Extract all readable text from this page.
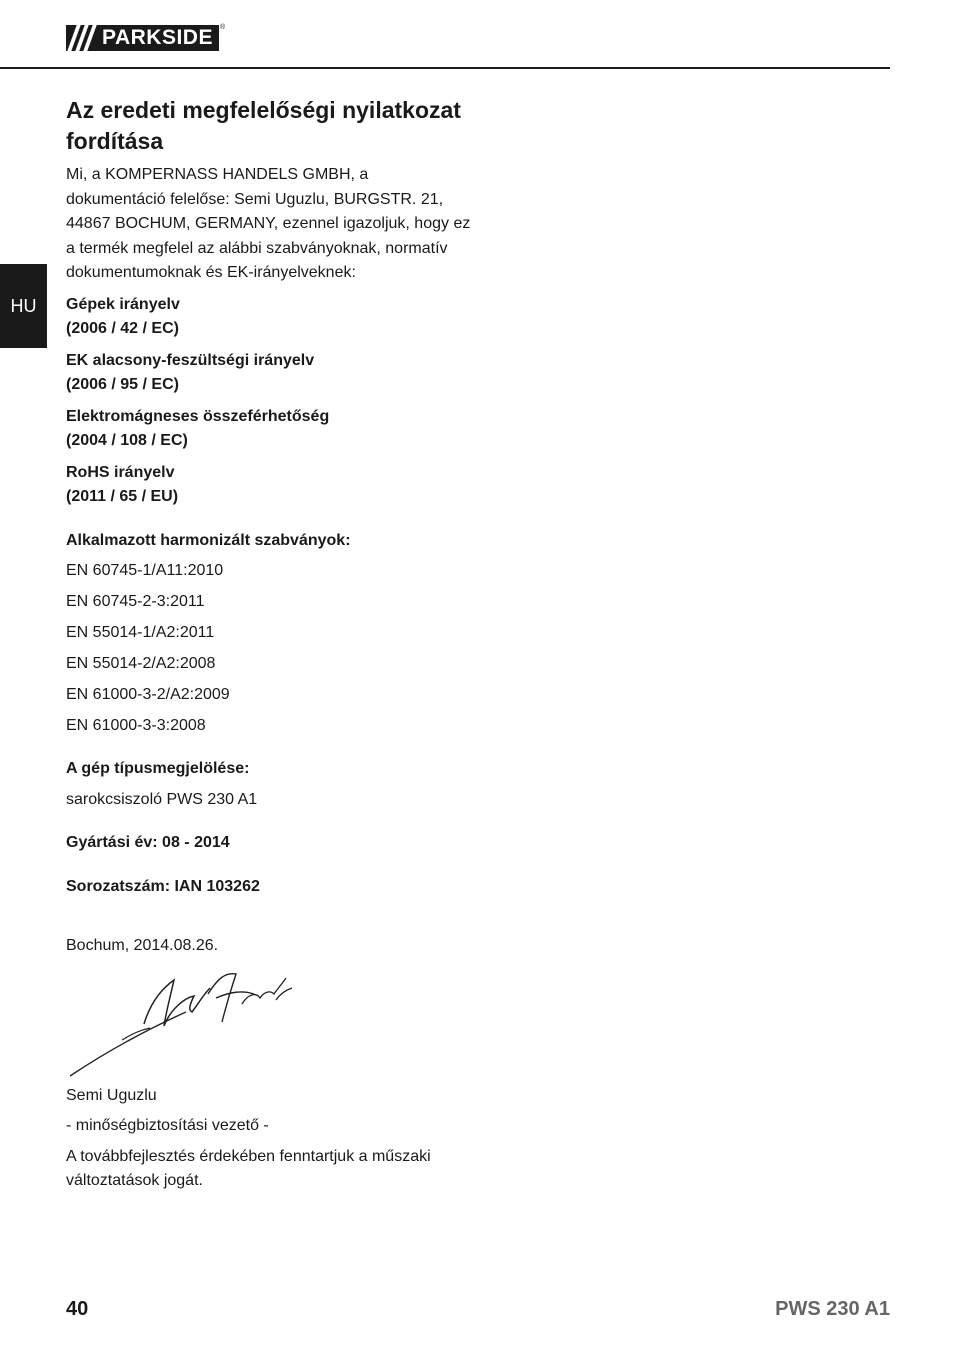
PARKSIDE	®
HU
Az eredeti megfelelőségi nyilatkozat fordítása

Mi, a KOMPERNASS HANDELS GMBH, a dokumentáció felelőse: Semi Uguzlu, BURGSTR. 21, 44867 BOCHUM, GERMANY, ezennel igazoljuk, hogy ez a termék megfelel az alábbi szabványoknak, normatív dokumentumoknak és EK-irányelveknek:

Gépek irányelv

(2006 / 42 / EC)

EK alacsony-feszültségi irányelv

(2006 / 95 / EC)

Elektromágneses összeférhetőség

(2004 / 108 / EC)

RoHS irányelv

(2011 / 65 / EU)

Alkalmazott harmonizált szabványok:

EN 60745-1/A11:2010

EN 60745-2-3:2011

EN 55014-1/A2:2011

EN 55014-2/A2:2008

EN 61000-3-2/A2:2009

EN 61000-3-3:2008

A gép típusmegjelölése:

sarokcsiszoló PWS 230 A1

Gyártási év: 08 - 2014

Sorozatszám: IAN 103262

Bochum, 2014.08.26.

Semi Uguzlu

- minőségbiztosítási vezető -

A továbbfejlesztés érdekében fenntartjuk a műszaki változtatások jogát.

40	PWS 230 A1
